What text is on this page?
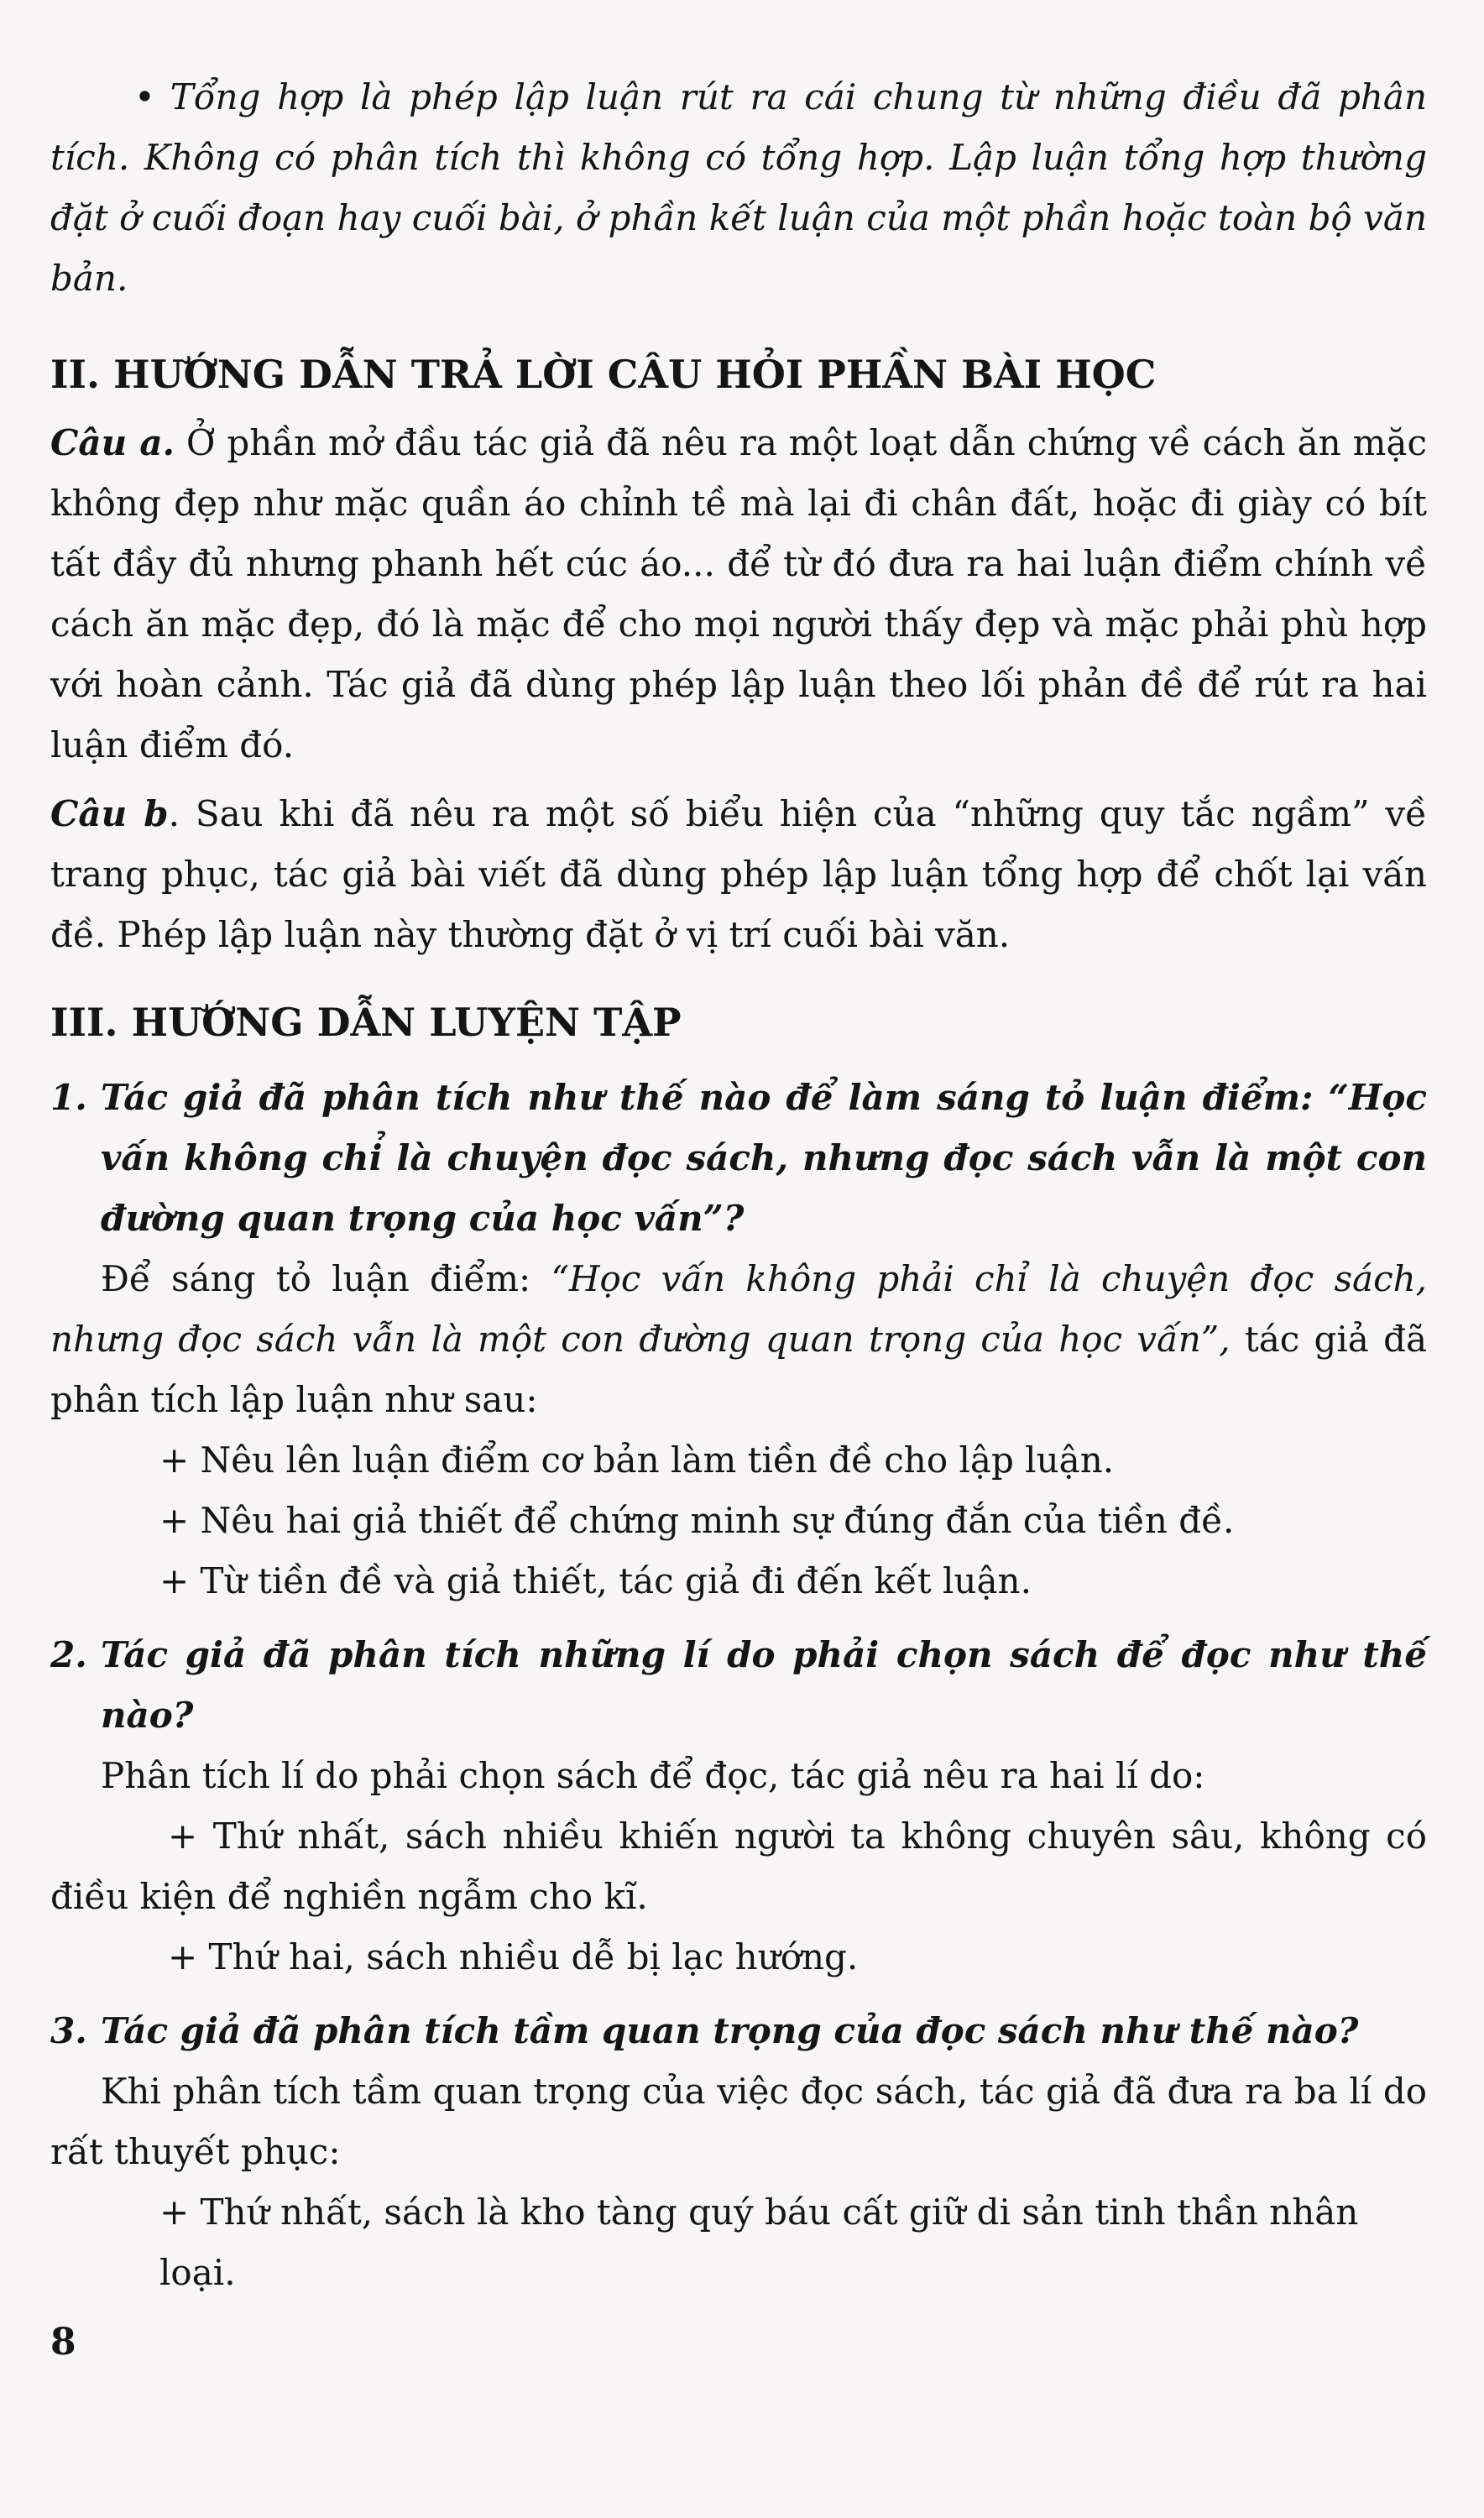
• Tổng hợp là phép lập luận rút ra cái chung từ những điều đã phân tích. Không có phân tích thì không có tổng hợp. Lập luận tổng hợp thường đặt ở cuối đoạn hay cuối bài, ở phần kết luận của một phần hoặc toàn bộ văn bản.

II. HƯỚNG DẪN TRẢ LỜI CÂU HỎI PHẦN BÀI HỌC

Câu a. Ở phần mở đầu tác giả đã nêu ra một loạt dẫn chứng về cách ăn mặc không đẹp như mặc quần áo chỉnh tề mà lại đi chân đất, hoặc đi giày có bít tất đầy đủ nhưng phanh hết cúc áo... để từ đó đưa ra hai luận điểm chính về cách ăn mặc đẹp, đó là mặc để cho mọi người thấy đẹp và mặc phải phù hợp với hoàn cảnh. Tác giả đã dùng phép lập luận theo lối phản đề để rút ra hai luận điểm đó.

Câu b. Sau khi đã nêu ra một số biểu hiện của “những quy tắc ngầm” về trang phục, tác giả bài viết đã dùng phép lập luận tổng hợp để chốt lại vấn đề. Phép lập luận này thường đặt ở vị trí cuối bài văn.

III. HƯỚNG DẪN LUYỆN TẬP

1. Tác giả đã phân tích như thế nào để làm sáng tỏ luận điểm: “Học vấn không chỉ là chuyện đọc sách, nhưng đọc sách vẫn là một con đường quan trọng của học vấn”?

Để sáng tỏ luận điểm: “Học vấn không phải chỉ là chuyện đọc sách, nhưng đọc sách vẫn là một con đường quan trọng của học vấn”, tác giả đã phân tích lập luận như sau:

+ Nêu lên luận điểm cơ bản làm tiền đề cho lập luận.

+ Nêu hai giả thiết để chứng minh sự đúng đắn của tiền đề.

+ Từ tiền đề và giả thiết, tác giả đi đến kết luận.

2. Tác giả đã phân tích những lí do phải chọn sách để đọc như thế nào?

Phân tích lí do phải chọn sách để đọc, tác giả nêu ra hai lí do:

+ Thứ nhất, sách nhiều khiến người ta không chuyên sâu, không có điều kiện để nghiền ngẫm cho kĩ.

+ Thứ hai, sách nhiều dễ bị lạc hướng.

3. Tác giả đã phân tích tầm quan trọng của đọc sách như thế nào?

Khi phân tích tầm quan trọng của việc đọc sách, tác giả đã đưa ra ba lí do rất thuyết phục:

+ Thứ nhất, sách là kho tàng quý báu cất giữ di sản tinh thần nhân loại.

8
